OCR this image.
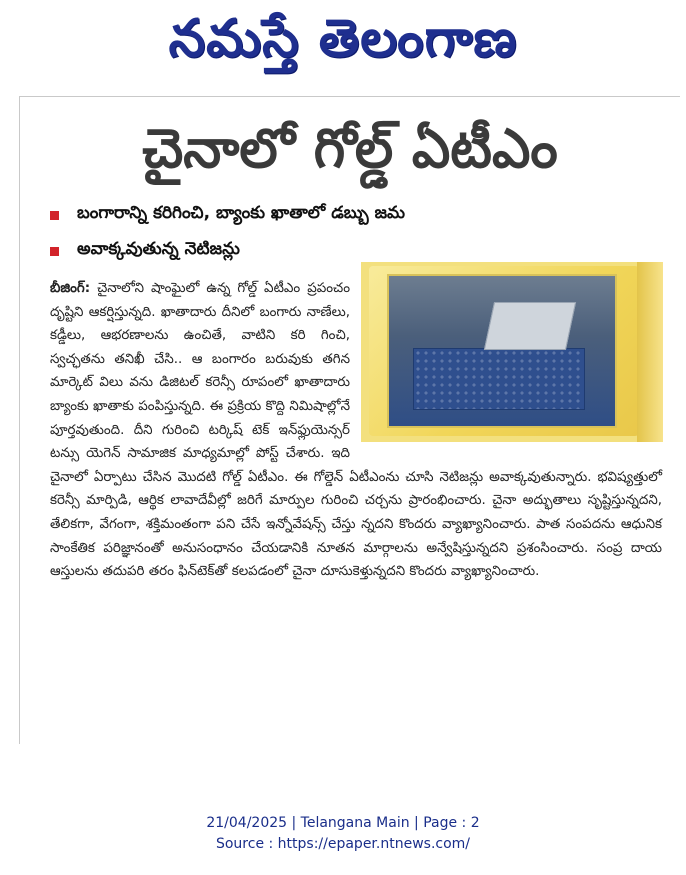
నమస్తే తెలంగాణ
చైనాలో గోల్డ్ ఏటీఎం
బంగారాన్ని కరిగించి, బ్యాంకు ఖాతాలో డబ్బు జమ
అవాక్కవుతున్న నెటిజన్లు
బీజింగ్: చైనాలోని షాంఘైలో ఉన్న గోల్డ్ ఏటీఎం ప్రపంచం దృష్టిని ఆకర్షిస్తున్నది. ఖాతాదారు దీనిలో బంగారు నాణేలు, కడ్డీలు, ఆభరణాలను ఉంచితే, వాటిని కరి గించి, స్వచ్ఛతను తనిఖీ చేసి.. ఆ బంగారం బరువుకు తగిన మార్కెట్ విలు వను డిజిటల్ కరెన్సీ రూపంలో ఖాతాదారు బ్యాంకు ఖాతాకు పంపిస్తున్నది. ఈ ప్రక్రియ కొద్ది నిమిషాల్లోనే పూర్తవుతుంది. దీని గురించి టర్కిష్ టెక్ ఇన్‌ఫ్లుయెన్సర్ టన్సు యెగెన్ సామాజిక మాధ్యమాల్లో పోస్ట్ చేశారు. ఇది చైనాలో ఏర్పాటు చేసిన మొదటి గోల్డ్ ఏటీఎం. ఈ గోల్డెన్ ఏటీఎంను చూసి నెటిజన్లు అవాక్కవుతున్నారు. భవిష్యత్తులో కరెన్సీ మార్పిడి, ఆర్థిక లావాదేవీల్లో జరిగే మార్పుల గురించి చర్చను ప్రారంభించారు. చైనా అద్భుతాలు సృష్టిస్తున్నదని, తేలికగా, వేగంగా, శక్తిమంతంగా పని చేసే ఇన్నోవేషన్స్ చేస్తు న్నదని కొందరు వ్యాఖ్యానించారు. పాత సంపదను ఆధునిక సాంకేతిక పరిజ్ఞానంతో అనుసంధానం చేయడానికి నూతన మార్గాలను అన్వేషిస్తున్నదని ప్రశంసించారు. సంప్ర దాయ ఆస్తులను తదుపరి తరం ఫిన్‌టెక్‌తో కలపడంలో చైనా దూసుకెళ్తున్నదని కొందరు వ్యాఖ్యానించారు.
21/04/2025 | Telangana Main | Page : 2
Source : https://epaper.ntnews.com/
